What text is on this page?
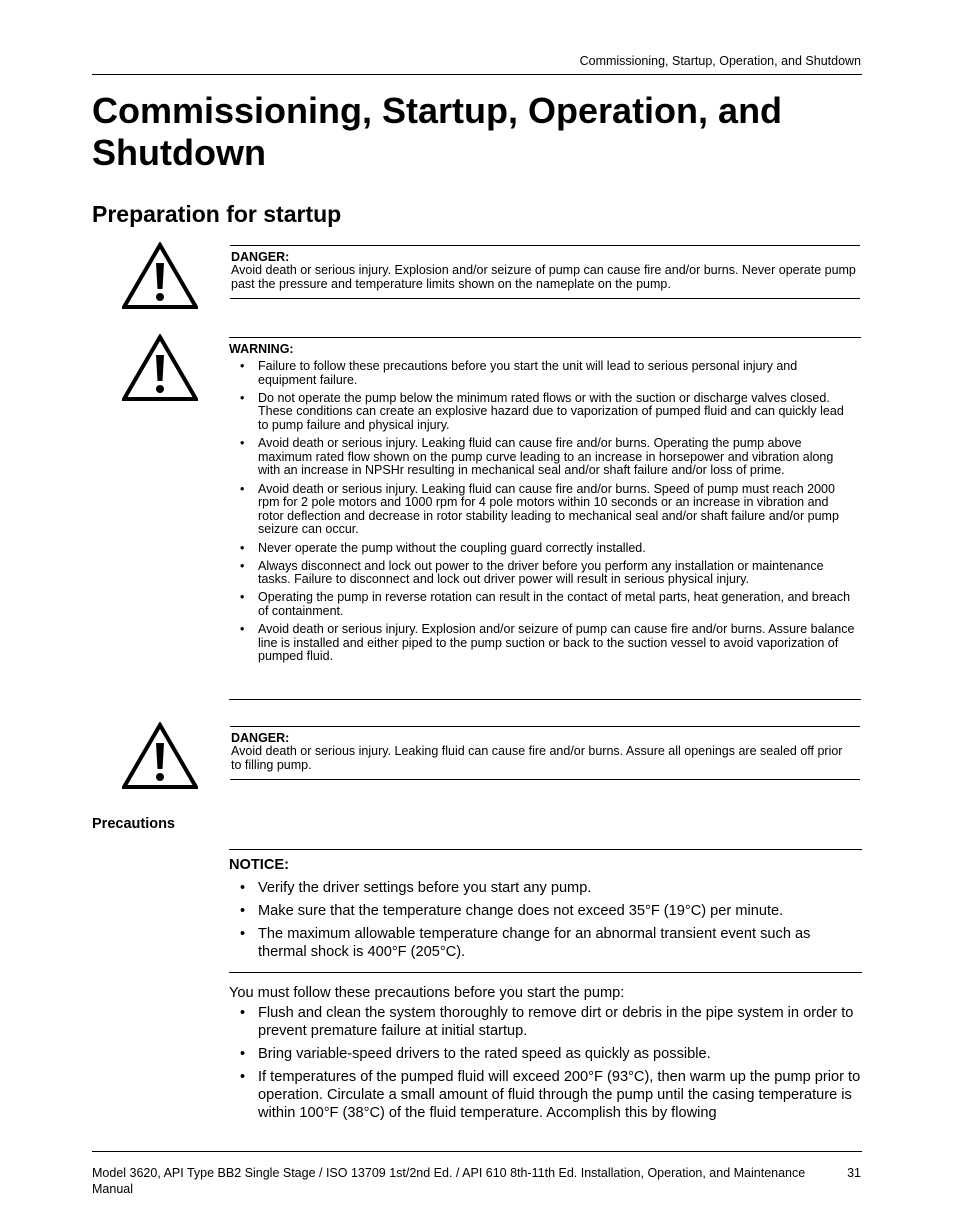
Commissioning, Startup, Operation, and Shutdown
Commissioning, Startup, Operation, and Shutdown
Preparation for startup
DANGER:
Avoid death or serious injury. Explosion and/or seizure of pump can cause fire and/or burns. Never operate pump past the pressure and temperature limits shown on the nameplate on the pump.
WARNING:
• Failure to follow these precautions before you start the unit will lead to serious personal injury and equipment failure.
• Do not operate the pump below the minimum rated flows or with the suction or discharge valves closed. These conditions can create an explosive hazard due to vaporization of pumped fluid and can quickly lead to pump failure and physical injury.
• Avoid death or serious injury. Leaking fluid can cause fire and/or burns. Operating the pump above maximum rated flow shown on the pump curve leading to an increase in horsepower and vibration along with an increase in NPSHr resulting in mechanical seal and/or shaft failure and/or loss of prime.
• Avoid death or serious injury. Leaking fluid can cause fire and/or burns. Speed of pump must reach 2000 rpm for 2 pole motors and 1000 rpm for 4 pole motors within 10 seconds or an increase in vibration and rotor deflection and decrease in rotor stability leading to mechanical seal and/or shaft failure and/or pump seizure can occur.
• Never operate the pump without the coupling guard correctly installed.
• Always disconnect and lock out power to the driver before you perform any installation or maintenance tasks. Failure to disconnect and lock out driver power will result in serious physical injury.
• Operating the pump in reverse rotation can result in the contact of metal parts, heat generation, and breach of containment.
• Avoid death or serious injury. Explosion and/or seizure of pump can cause fire and/or burns. Assure balance line is installed and either piped to the pump suction or back to the suction vessel to avoid vaporization of pumped fluid.
DANGER:
Avoid death or serious injury. Leaking fluid can cause fire and/or burns. Assure all openings are sealed off prior to filling pump.
Precautions
NOTICE:
• Verify the driver settings before you start any pump.
• Make sure that the temperature change does not exceed 35°F (19°C) per minute.
• The maximum allowable temperature change for an abnormal transient event such as thermal shock is 400°F (205°C).
You must follow these precautions before you start the pump:
• Flush and clean the system thoroughly to remove dirt or debris in the pipe system in order to prevent premature failure at initial startup.
• Bring variable-speed drivers to the rated speed as quickly as possible.
• If temperatures of the pumped fluid will exceed 200°F (93°C), then warm up the pump prior to operation. Circulate a small amount of fluid through the pump until the casing temperature is within 100°F (38°C) of the fluid temperature. Accomplish this by flowing
Model 3620, API Type BB2 Single Stage / ISO 13709 1st/2nd Ed. / API 610 8th-11th Ed. Installation, Operation, and Maintenance Manual
31
